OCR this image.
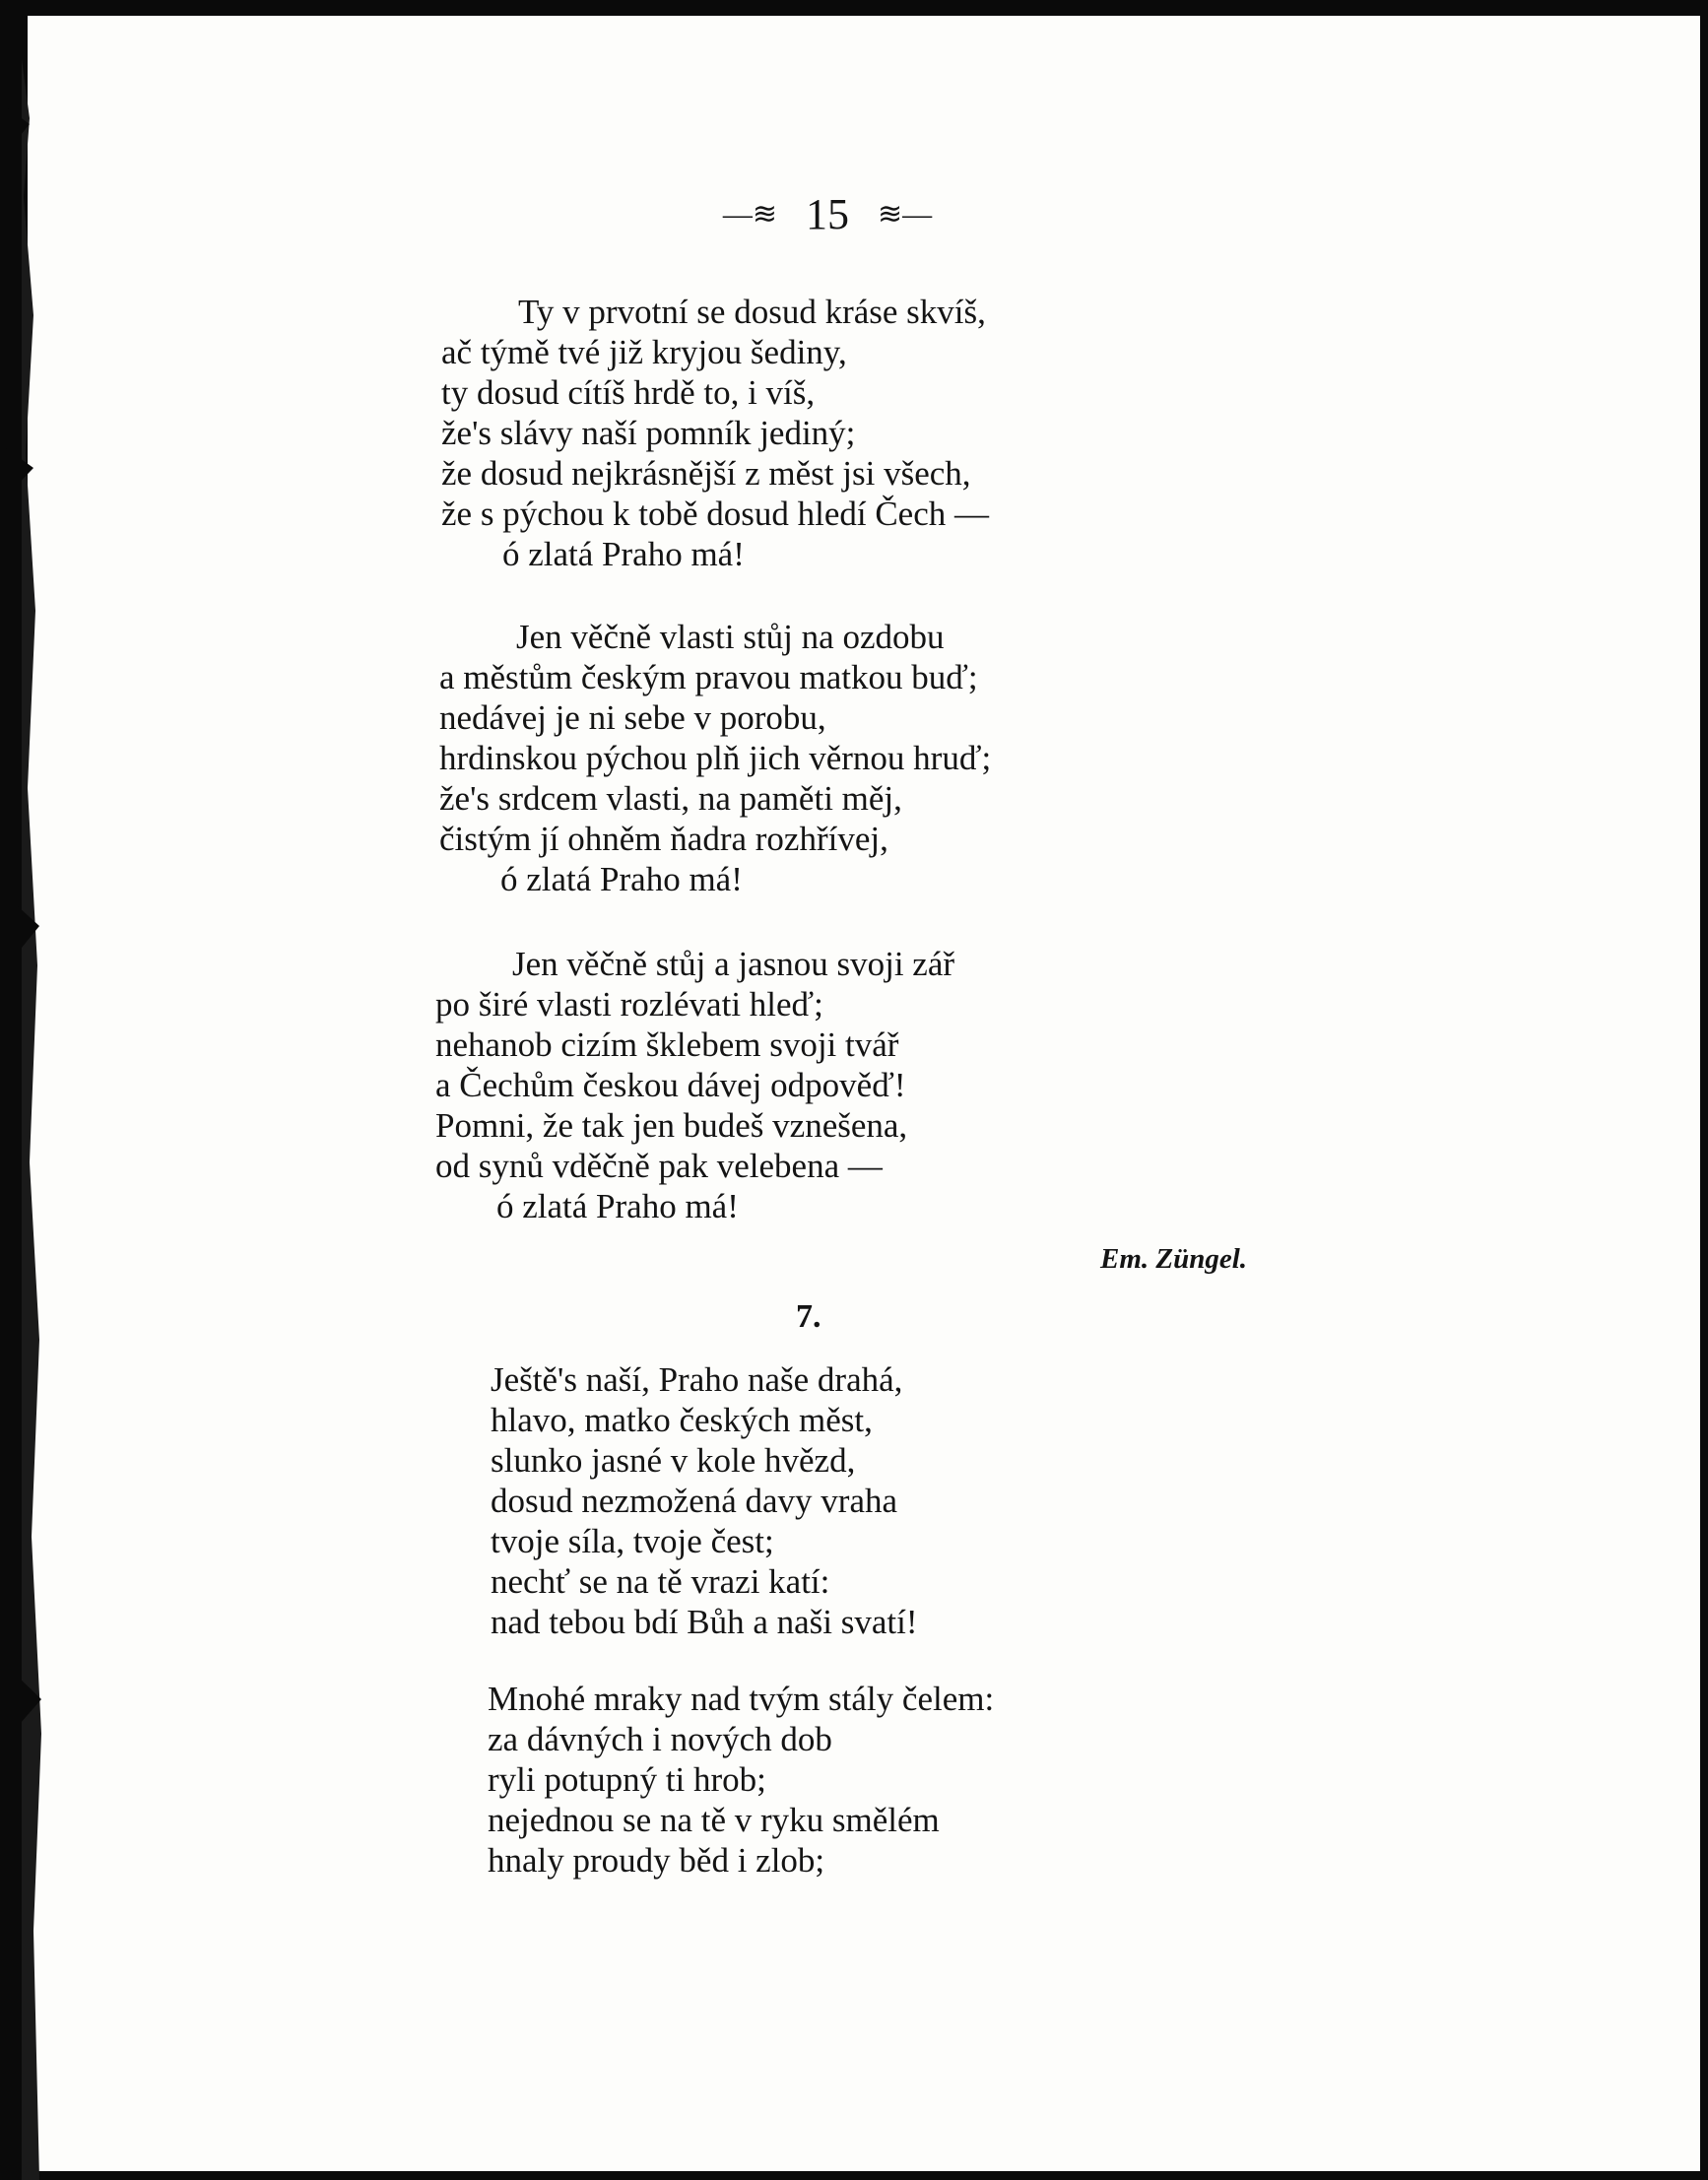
—≋ 15 ≋—
Ty v prvotní se dosud kráse skvíš,
ač týmě tvé již kryjou šediny,
ty dosud cítíš hrdě to, i víš,
že's slávy naší pomník jediný;
že dosud nejkrásnější z měst jsi všech,
že s pýchou k tobě dosud hledí Čech —
ó zlatá Praho má!
Jen věčně vlasti stůj na ozdobu
a městům českým pravou matkou buď;
nedávej je ni sebe v porobu,
hrdinskou pýchou plň jich věrnou hruď;
že's srdcem vlasti, na paměti měj,
čistým jí ohněm ňadra rozhřívej,
ó zlatá Praho má!
Jen věčně stůj a jasnou svoji zář
po širé vlasti rozlévati hleď;
nehanob cizím šklebem svoji tvář
a Čechům českou dávej odpověď!
Pomni, že tak jen budeš vznešena,
od synů vděčně pak velebena —
ó zlatá Praho má!
Em. Züngel.
7.
Ještě's naší, Praho naše drahá,
hlavo, matko českých měst,
slunko jasné v kole hvězd,
dosud nezmožená davy vraha
tvoje síla, tvoje čest;
nechť se na tě vrazi katí:
nad tebou bdí Bůh a naši svatí!
Mnohé mraky nad tvým stály čelem:
za dávných i nových dob
ryli potupný ti hrob;
nejednou se na tě v ryku smělém
hnaly proudy běd i zlob;
